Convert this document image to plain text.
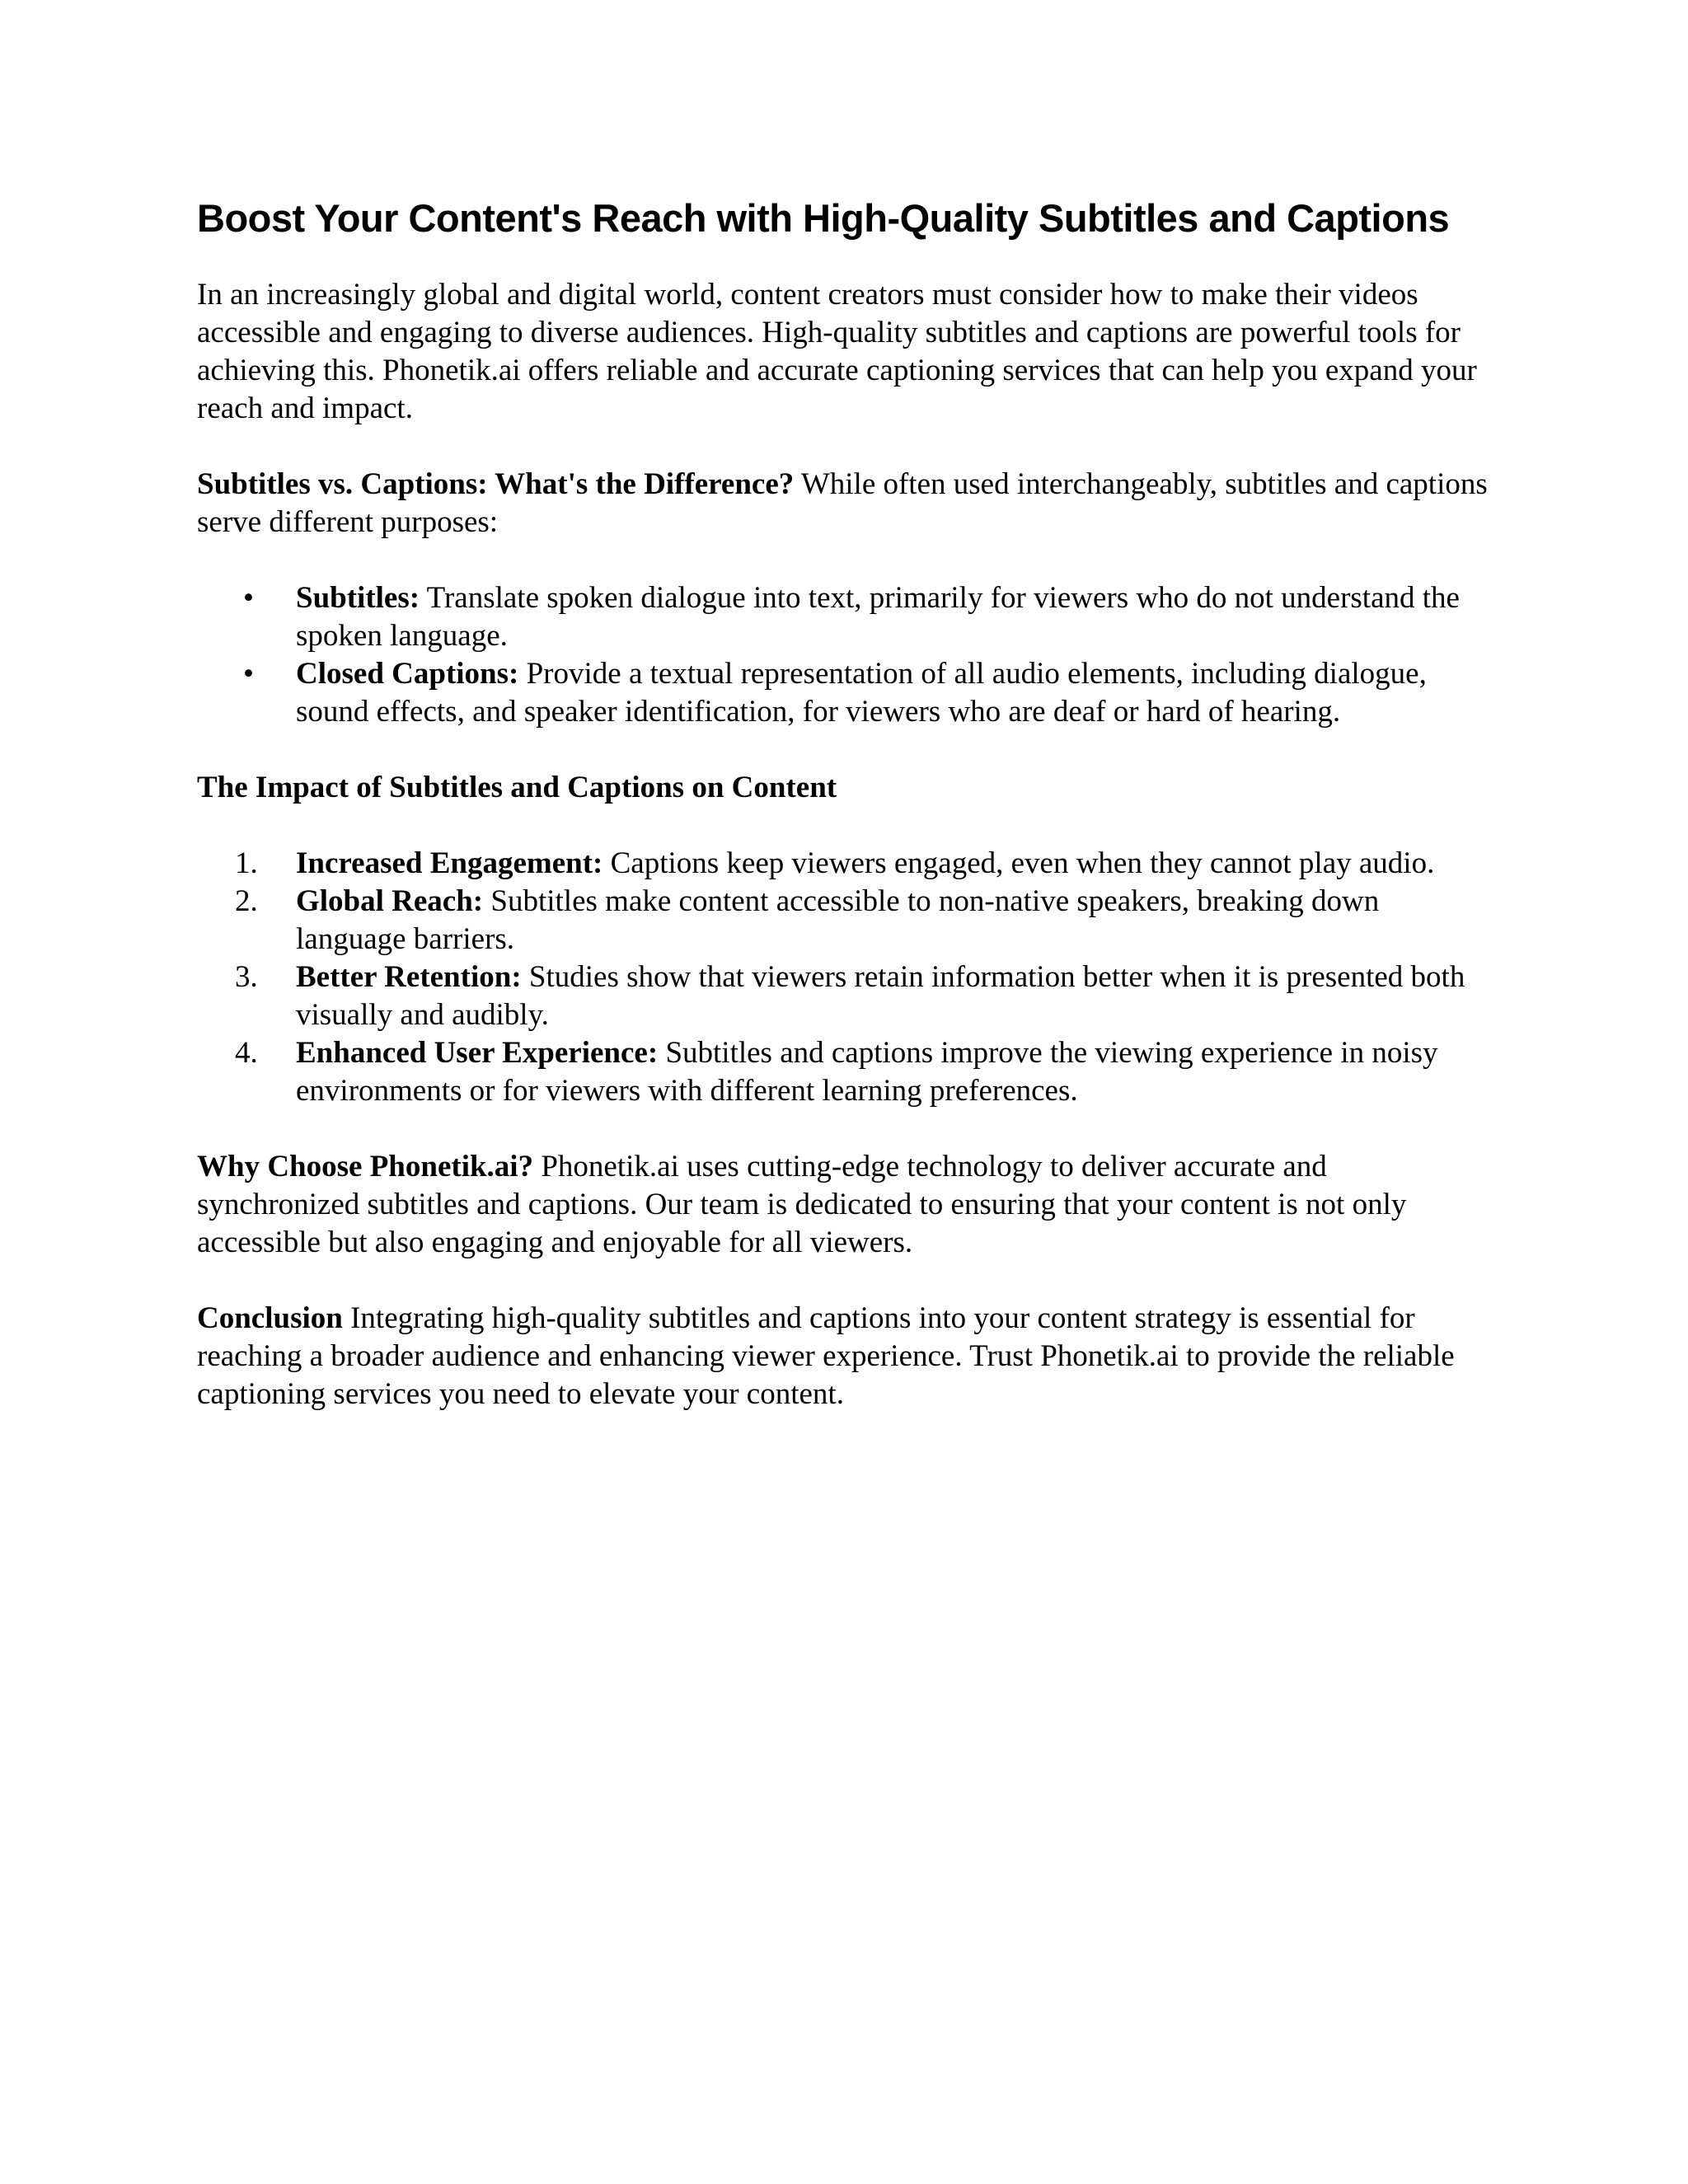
Boost Your Content's Reach with High-Quality Subtitles and Captions

In an increasingly global and digital world, content creators must consider how to make their videos accessible and engaging to diverse audiences. High-quality subtitles and captions are powerful tools for achieving this. Phonetik.ai offers reliable and accurate captioning services that can help you expand your reach and impact.

Subtitles vs. Captions: What's the Difference? While often used interchangeably, subtitles and captions serve different purposes:

• Subtitles: Translate spoken dialogue into text, primarily for viewers who do not understand the spoken language.
• Closed Captions: Provide a textual representation of all audio elements, including dialogue, sound effects, and speaker identification, for viewers who are deaf or hard of hearing.
The Impact of Subtitles and Captions on Content
1. Increased Engagement: Captions keep viewers engaged, even when they cannot play audio.
2. Global Reach: Subtitles make content accessible to non-native speakers, breaking down language barriers.
3. Better Retention: Studies show that viewers retain information better when it is presented both visually and audibly.
4. Enhanced User Experience: Subtitles and captions improve the viewing experience in noisy environments or for viewers with different learning preferences.

Why Choose Phonetik.ai? Phonetik.ai uses cutting-edge technology to deliver accurate and synchronized subtitles and captions. Our team is dedicated to ensuring that your content is not only accessible but also engaging and enjoyable for all viewers.

Conclusion Integrating high-quality subtitles and captions into your content strategy is essential for reaching a broader audience and enhancing viewer experience. Trust Phonetik.ai to provide the reliable captioning services you need to elevate your content.
